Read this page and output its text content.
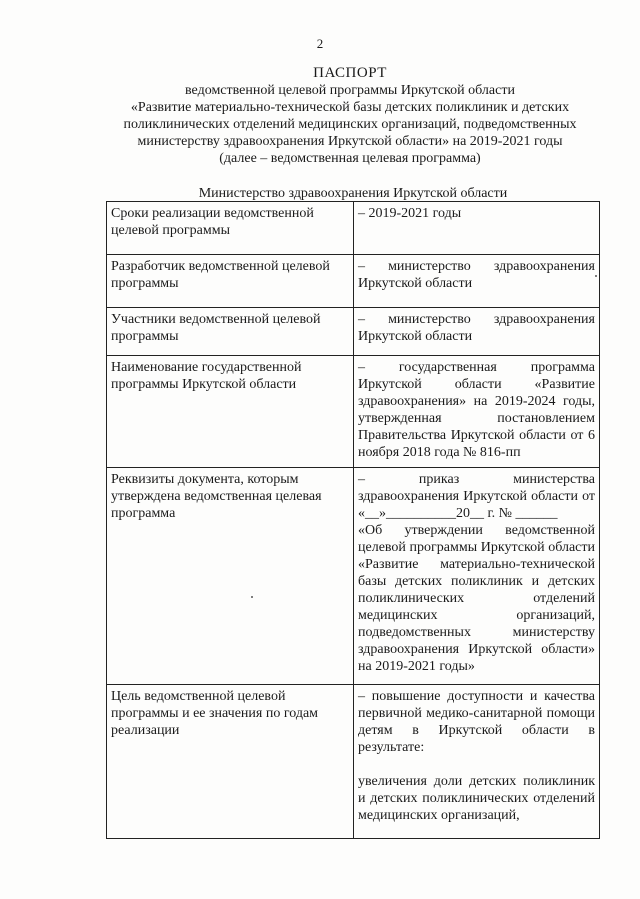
2
ПАСПОРТ
ведомственной целевой программы Иркутской области
«Развитие материально-технической базы детских поликлиник и детских
поликлинических отделений медицинских организаций, подведомственных
министерству здравоохранения Иркутской области» на 2019-2021 годы
(далее – ведомственная целевая программа)
Министерство здравоохранения Иркутской области
Сроки реализации ведомственной целевой программы	– 2019-2021 годы

Разработчик ведомственной целевой программы	– министерство здравоохранения Иркутской области

Участники ведомственной целевой программы	– министерство здравоохранения Иркутской области

Наименование государственной программы Иркутской области	– государственная программа Иркутской области «Развитие здравоохранения» на 2019-2024 годы, утвержденная постановлением Правительства Иркутской области от 6 ноября 2018 года № 816-пп

Реквизиты документа, которым утверждена ведомственная целевая программа	– приказ министерства здравоохранения Иркутской области от «__»__________20__ г. № ______
«Об утверждении ведомственной целевой программы Иркутской области «Развитие материально-технической базы детских поликлиник и детских поликлинических отделений медицинских организаций, подведомственных министерству здравоохранения Иркутской области» на 2019-2021 годы»

Цель ведомственной целевой программы и ее значения по годам реализации	– повышение доступности и качества первичной медико-санитарной помощи детям в Иркутской области в результате:
увеличения доли детских поликлиник и детских поликлинических отделений медицинских организаций,
